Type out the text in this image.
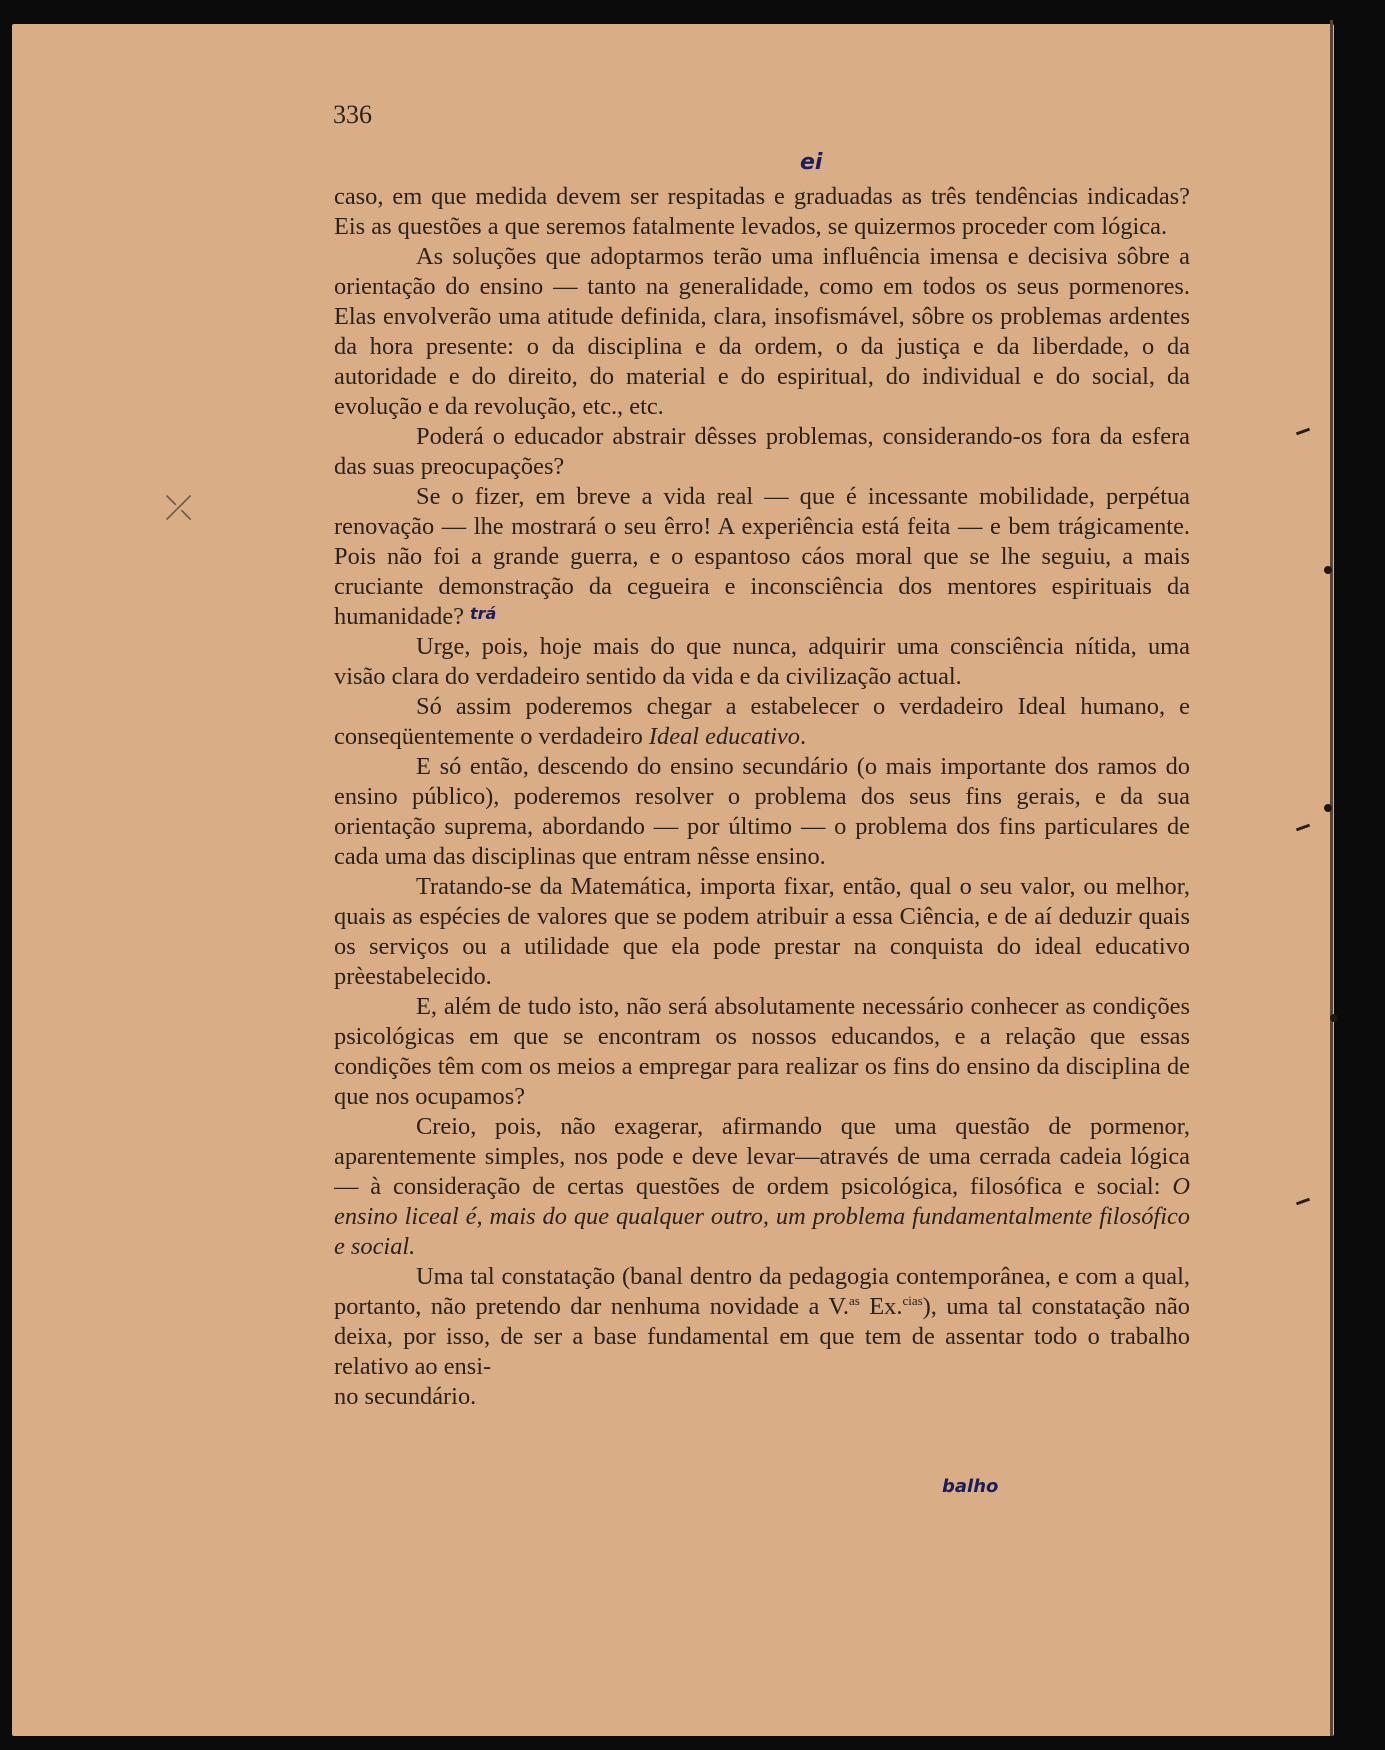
336
ei
⤫

caso, em que medida devem ser respitadas e graduadas as três tendências indicadas? Eis as questões a que seremos fatalmente levados, se quizermos proceder com lógica.

As soluções que adoptarmos terão uma influência imensa e decisiva sôbre a orientação do ensino — tanto na generalidade, como em todos os seus pormenores. Elas envolverão uma atitude definida, clara, insofismável, sôbre os problemas ardentes da hora presente: o da disciplina e da ordem, o da justiça e da liberdade, o da autoridade e do direito, do material e do espiritual, do individual e do social, da evolução e da revolução, etc., etc.

Poderá o educador abstrair dêsses problemas, considerando-os fora da esfera das suas preocupações?

Se o fizer, em breve a vida real — que é incessante mobilidade, perpétua renovação — lhe mostrará o seu êrro! A experiência está feita — e bem trágicamente. Pois não foi a grande guerra, e o espantoso cáos moral que se lhe seguiu, a mais cruciante demonstração da cegueira e inconsciência dos mentores espirituais da humanidade?

Urge, pois, hoje mais do que nunca, adquirir uma consciência nítida, uma visão clara do verdadeiro sentido da vida e da civilização actual.

Só assim poderemos chegar a estabelecer o verdadeiro Ideal humano, e conseqüentemente o verdadeiro Ideal educativo.

E só então, descendo do ensino secundário (o mais importante dos ramos do ensino público), poderemos resolver o problema dos seus fins gerais, e da sua orientação suprema, abordando — por último — o problema dos fins particulares de cada uma das disciplinas que entram nêsse ensino.

Tratando-se da Matemática, importa fixar, então, qual o seu valor, ou melhor, quais as espécies de valores que se podem atribuir a essa Ciência, e de aí deduzir quais os serviços ou a utilidade que ela pode prestar na conquista do ideal educativo prèestabelecido.

E, além de tudo isto, não será absolutamente necessário conhecer as condições psicológicas em que se encontram os nossos educandos, e a relação que essas condições têm com os meios a empregar para realizar os fins do ensino da disciplina de que nos ocupamos?

Creio, pois, não exagerar, afirmando que uma questão de pormenor, aparentemente simples, nos pode e deve levar—através de uma cerrada cadeia lógica — à consideração de certas questões de ordem psicológica, filosófica e social: O ensino liceal é, mais do que qualquer outro, um problema fundamentalmente filosófico e social.

Uma tal constatação (banal dentro da pedagogia contemporânea, e com a qual, portanto, não pretendo dar nenhuma novidade a V.$^{as}$ Ex.$^{cias}$), uma tal constatação não deixa, por isso, de ser a base fundamental em que tem de assentar todo o trabalho relativo ao ensi-

no secundário.

balho
trá
